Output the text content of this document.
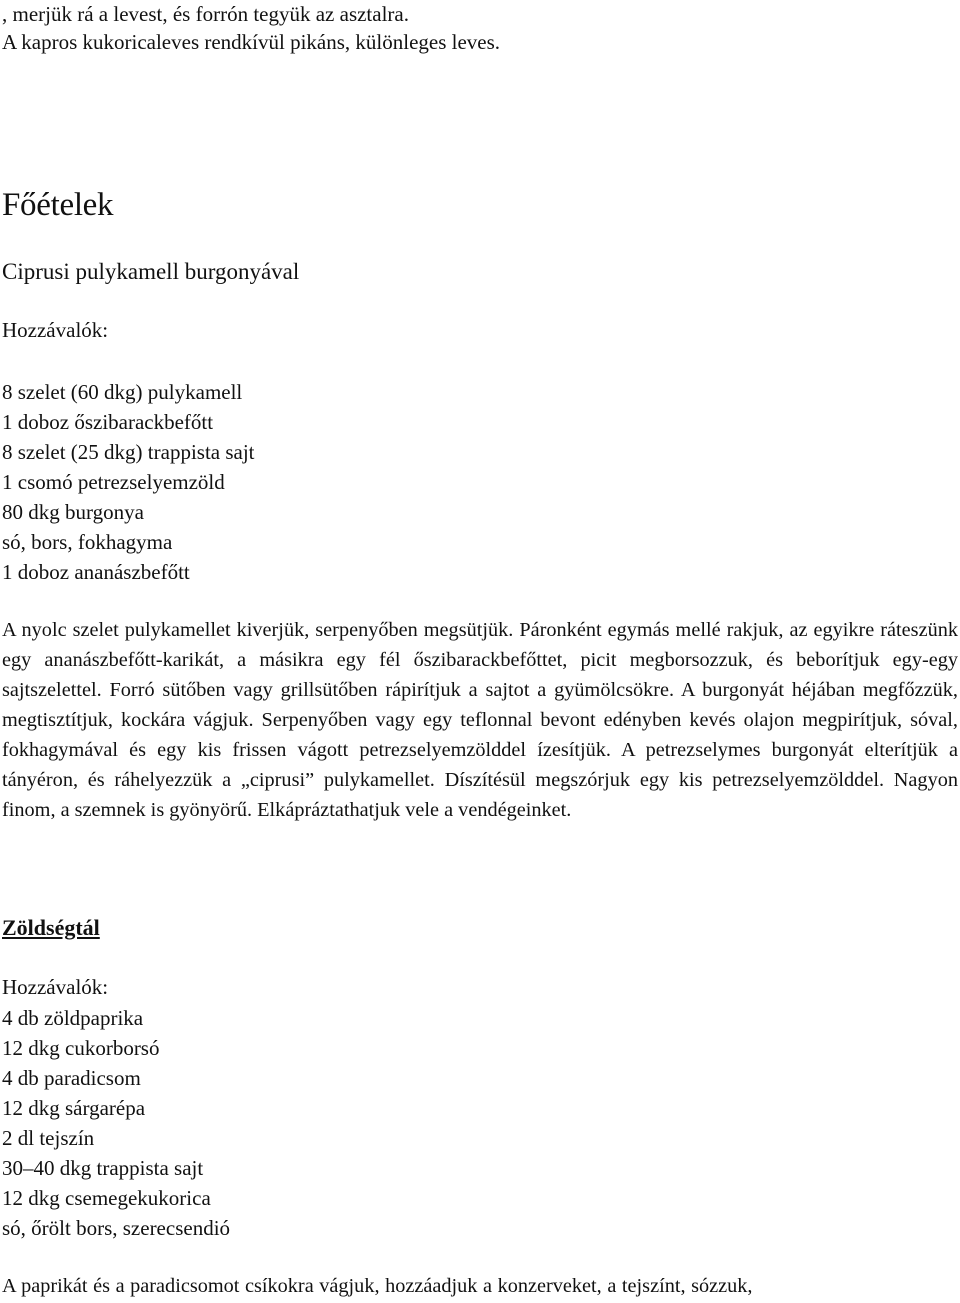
, merjük rá a levest, és forrón tegyük az asztalra.
A kapros kukoricaleves rendkívül pikáns, különleges leves.
Főételek
Ciprusi pulykamell burgonyával
Hozzávalók:
8 szelet (60 dkg) pulykamell
1 doboz őszibarackbefőtt
8 szelet (25 dkg) trappista sajt
1 csomó petrezselyemzöld
80 dkg burgonya
só, bors, fokhagyma
1 doboz ananászbefőtt

A nyolc szelet pulykamellet kiverjük, serpenyőben megsütjük. Páronként egymás mellé rakjuk, az egyikre ráteszünk egy ananászbefőtt-karikát, a másikra egy fél őszibarackbefőttet, picit megborsozzuk, és beborítjuk egy-egy sajtszelettel. Forró sütőben vagy grillsütőben rápirítjuk a sajtot a gyümölcsökre. A burgonyát héjában megfőzzük, megtisztítjuk, kockára vágjuk. Serpenyőben vagy egy teflonnal bevont edényben kevés olajon megpirítjuk, sóval, fokhagymával és egy kis frissen vágott petrezselyemzölddel ízesítjük. A petrezselymes burgonyát elterítjük a tányéron, és ráhelyezzük a „ciprusi” pulykamellet. Díszítésül megszórjuk egy kis petrezselyemzölddel. Nagyon finom, a szemnek is gyönyörű. Elkápráztathatjuk vele a vendégeinket.

Zöldségtál
Hozzávalók:
4 db zöldpaprika
12 dkg cukorborsó
4 db paradicsom
12 dkg sárgarépa
2 dl tejszín
30–40 dkg trappista sajt
12 dkg csemegekukorica
só, őrölt bors, szerecsendió

A paprikát és a paradicsomot csíkokra vágjuk, hozzáadjuk a konzerveket, a tejszínt, sózzuk,
